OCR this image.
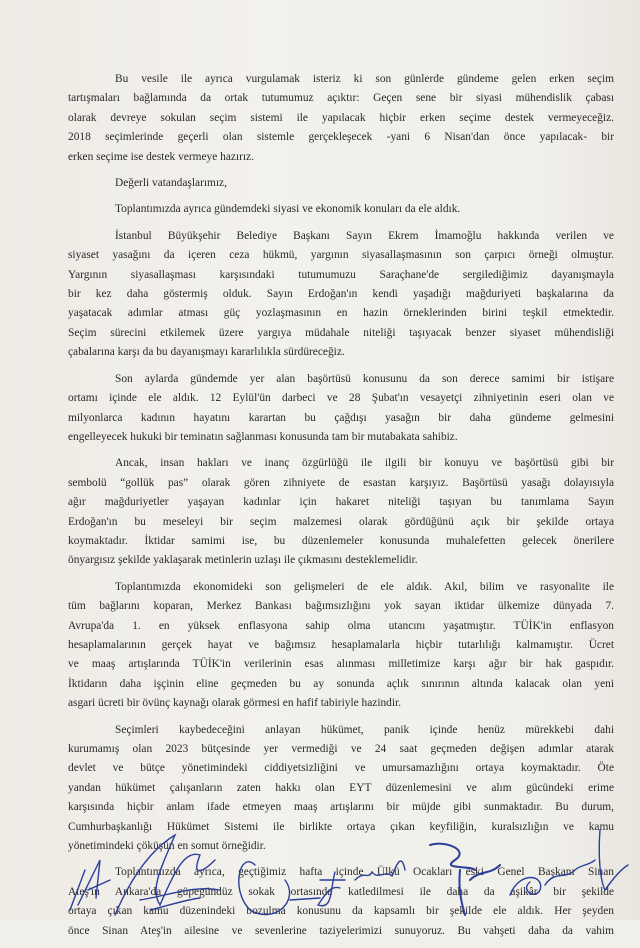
Bu vesile ile ayrıca vurgulamak isteriz ki son günlerde gündeme gelen erken seçim
tartışmaları bağlamında da ortak tutumumuz açıktır: Geçen sene bir siyasi mühendislik çabası
olarak devreye sokulan seçim sistemi ile yapılacak hiçbir erken seçime destek vermeyeceğiz.
2018 seçimlerinde geçerli olan sistemle gerçekleşecek -yani 6 Nisan'dan önce yapılacak- bir
erken seçime ise destek vermeye hazırız.
Değerli vatandaşlarımız,
Toplantımızda ayrıca gündemdeki siyasi ve ekonomik konuları da ele aldık.
İstanbul Büyükşehir Belediye Başkanı Sayın Ekrem İmamoğlu hakkında verilen ve
siyaset yasağını da içeren ceza hükmü, yargının siyasallaşmasının son çarpıcı örneği olmuştur.
Yargının siyasallaşması karşısındaki tutumumuzu Saraçhane'de sergilediğimiz dayanışmayla
bir kez daha göstermiş olduk. Sayın Erdoğan'ın kendi yaşadığı mağduriyeti başkalarına da
yaşatacak adımlar atması güç yozlaşmasının en hazin örneklerinden birini teşkil etmektedir.
Seçim sürecini etkilemek üzere yargıya müdahale niteliği taşıyacak benzer siyaset mühendisliği
çabalarına karşı da bu dayanışmayı kararlılıkla sürdüreceğiz.
Son aylarda gündemde yer alan başörtüsü konusunu da son derece samimi bir istişare
ortamı içinde ele aldık. 12 Eylül'ün darbeci ve 28 Şubat'ın vesayetçi zihniyetinin eseri olan ve
milyonlarca kadının hayatını karartan bu çağdışı yasağın bir daha gündeme gelmesini
engelleyecek hukuki bir teminatın sağlanması konusunda tam bir mutabakata sahibiz.
Ancak, insan hakları ve inanç özgürlüğü ile ilgili bir konuyu ve başörtüsü gibi bir
sembolü “gollük pas” olarak gören zihniyete de esastan karşıyız. Başörtüsü yasağı dolayısıyla
ağır mağduriyetler yaşayan kadınlar için hakaret niteliği taşıyan bu tanımlama Sayın
Erdoğan'ın bu meseleyi bir seçim malzemesi olarak gördüğünü açık bir şekilde ortaya
koymaktadır. İktidar samimi ise, bu düzenlemeler konusunda muhalefetten gelecek önerilere
önyargısız şekilde yaklaşarak metinlerin uzlaşı ile çıkmasını desteklemelidir.
Toplantımızda ekonomideki son gelişmeleri de ele aldık. Akıl, bilim ve rasyonalite ile
tüm bağlarını koparan, Merkez Bankası bağımsızlığını yok sayan iktidar ülkemize dünyada 7.
Avrupa'da 1. en yüksek enflasyona sahip olma utancını yaşatmıştır. TÜİK'in enflasyon
hesaplamalarının gerçek hayat ve bağımsız hesaplamalarla hiçbir tutarlılığı kalmamıştır. Ücret
ve maaş artışlarında TÜİK'in verilerinin esas alınması milletimize karşı ağır bir hak gaspıdır.
İktidarın daha işçinin eline geçmeden bu ay sonunda açlık sınırının altında kalacak olan yeni
asgari ücreti bir övünç kaynağı olarak görmesi en hafif tabiriyle hazindir.
Seçimleri kaybedeceğini anlayan hükümet, panik içinde henüz mürekkebi dahi
kurumamış olan 2023 bütçesinde yer vermediği ve 24 saat geçmeden değişen adımlar atarak
devlet ve bütçe yönetimindeki ciddiyetsizliğini ve umursamazlığını ortaya koymaktadır. Öte
yandan hükümet çalışanların zaten hakkı olan EYT düzenlemesini ve alım gücündeki erime
karşısında hiçbir anlam ifade etmeyen maaş artışlarını bir müjde gibi sunmaktadır. Bu durum,
Cumhurbaşkanlığı Hükümet Sistemi ile birlikte ortaya çıkan keyfiliğin, kuralsızlığın ve kamu
yönetimindeki çöküşün en somut örneğidir.
Toplantımızda ayrıca, geçtiğimiz hafta içinde Ülkü Ocakları eski Genel Başkanı Sinan
Ateş'in Ankara'da güpegündüz sokak ortasında katledilmesi ile daha da aşikâr bir şekilde
ortaya çıkan kamu düzenindeki bozulma konusunu da kapsamlı bir şekilde ele aldık. Her şeyden
önce Sinan Ateş'in ailesine ve sevenlerine taziyelerimizi sunuyoruz. Bu vahşeti daha da vahim
